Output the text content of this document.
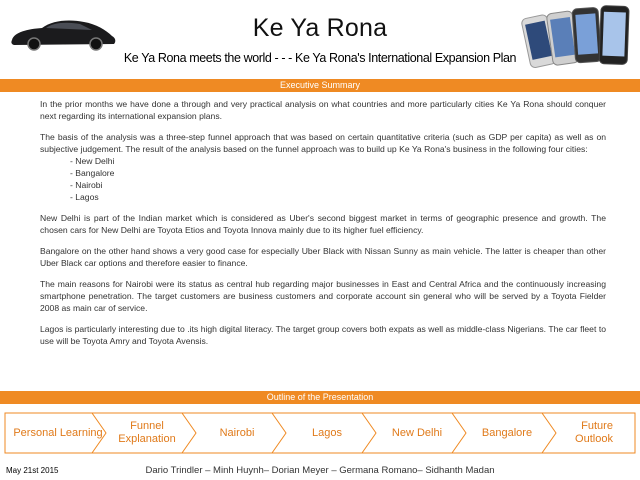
Ke Ya Rona
Ke Ya Rona meets the world - - - Ke Ya Rona's International Expansion Plan
Executive Summary

In the prior months we have done a through and very practical analysis on what countries and more particularly cities Ke Ya Rona should conquer next regarding its international expansion plans.

The basis of the analysis was a three-step funnel approach that was based on certain quantitative criteria (such as GDP per capita) as well as on subjective judgement. The result of the analysis based on the funnel approach was to build up Ke Ya Rona's business in the following four cities:

- New Delhi
- Bangalore
- Nairobi
- Lagos

New Delhi is part of the Indian market which is considered as Uber's second biggest market in terms of geographic presence and growth. The chosen cars for New Delhi are Toyota Etios and Toyota Innova mainly due to its higher fuel efficiency.

Bangalore on the other hand shows a very good case for especially Uber Black with Nissan Sunny as main vehicle. The latter is cheaper than other Uber Black car options and therefore easier to finance.

The main reasons for Nairobi were its status as central hub regarding major businesses in East and Central Africa and the continuously increasing smartphone penetration. The target customers are business customers and corporate account sin general who will be served by a Toyota Fielder 2008 as main car of service.

Lagos is particularly interesting due to .its high digital literacy. The target group covers both expats as well as middle-class Nigerians. The car fleet to use will be Toyota Amry and Toyota Avensis.

Outline of the Presentation
Personal Learning
Funnel
Explanation
Nairobi	Lagos	New Delhi	Bangalore
Future
Outlook
May 21st 2015	Dario Trindler – Minh Huynh– Dorian Meyer – Germana Romano– Sidhanth Madan
